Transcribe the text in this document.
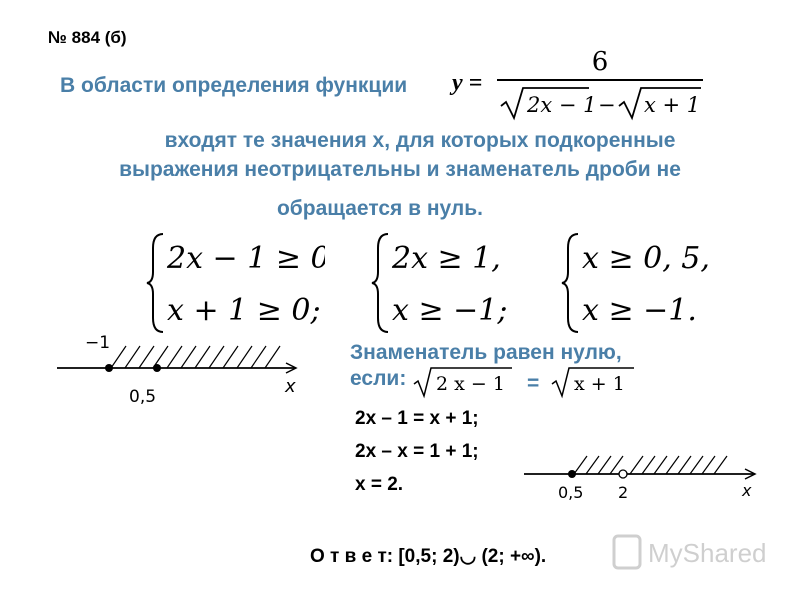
№ 884 (б)
В области определения функции y =
6
2x − 1 − x + 1
входят те значения x, для которых подкоренные
выражения неотрицательны и знаменатель дроби не

обращается в нуль.
2x − 1 ≥ 0,
x + 1 ≥ 0;
2x ≥ 1,
x ≥ −1;
x ≥ 0, 5,
x ≥ −1.
−1
0,5	x
Знаменатель равен нулю,
если:	2 x − 1 = x + 1
2x – 1 = x + 1;
2x – x = 1 + 1;
x = 2.	0,5 2	x
О т в е т: [0,5; 2)◡ (2; +∞).	MyShared
